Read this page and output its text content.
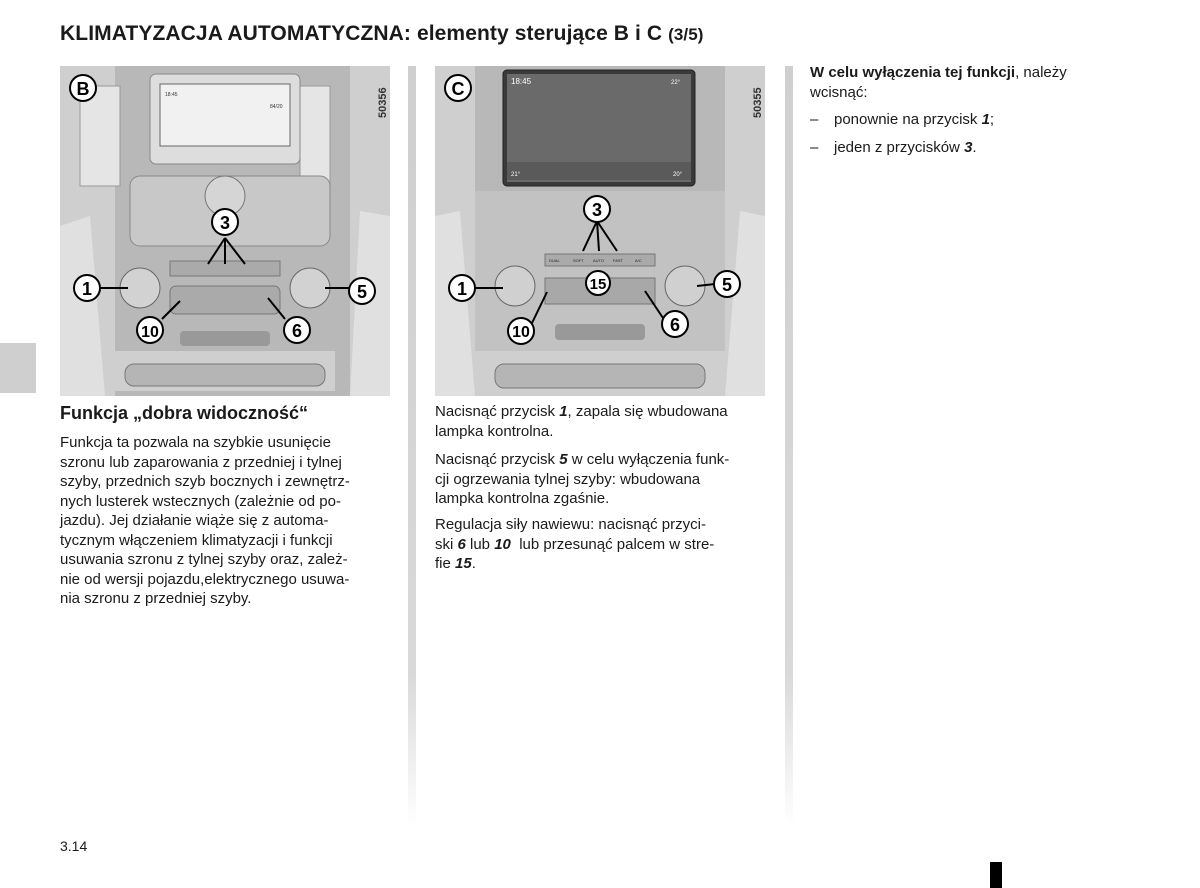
KLIMATYZACJA AUTOMATYCZNA: elementy sterujące B i C (3/5)
B
3
1	5
10	6
18:45
84/20	50356	C
3
1	5
10	6
15
18:45	22°
21°	20°
DUAL	SOFT AUTO FAST	A/C
50355
Funkcja „dobra widoczność“
Funkcja ta pozwala na szybkie usunięcie
szronu lub zaparowania z przedniej i tylnej
szyby, przednich szyb bocznych i zewnętrz-
nych lusterek wstecznych (zależnie od po-
jazdu). Jej działanie wiąże się z automa-
tycznym włączeniem klimatyzacji i funkcji
usuwania szronu z tylnej szyby oraz, zależ-
nie od wersji pojazdu,elektrycznego usuwa-
nia szronu z przedniej szyby.
Nacisnąć przycisk 1, zapala się wbudowana
lampka kontrolna.
Nacisnąć przycisk 5 w celu wyłączenia funk-
cji ogrzewania tylnej szyby: wbudowana
lampka kontrolna zgaśnie.
Regulacja siły nawiewu: nacisnąć przyci-
ski 6 lub 10  lub przesunąć palcem w stre-
fie 15.
W celu wyłączenia tej funkcji, należy
wcisnąć:
– ponownie na przycisk 1;
– jeden z przycisków 3.
3.14
